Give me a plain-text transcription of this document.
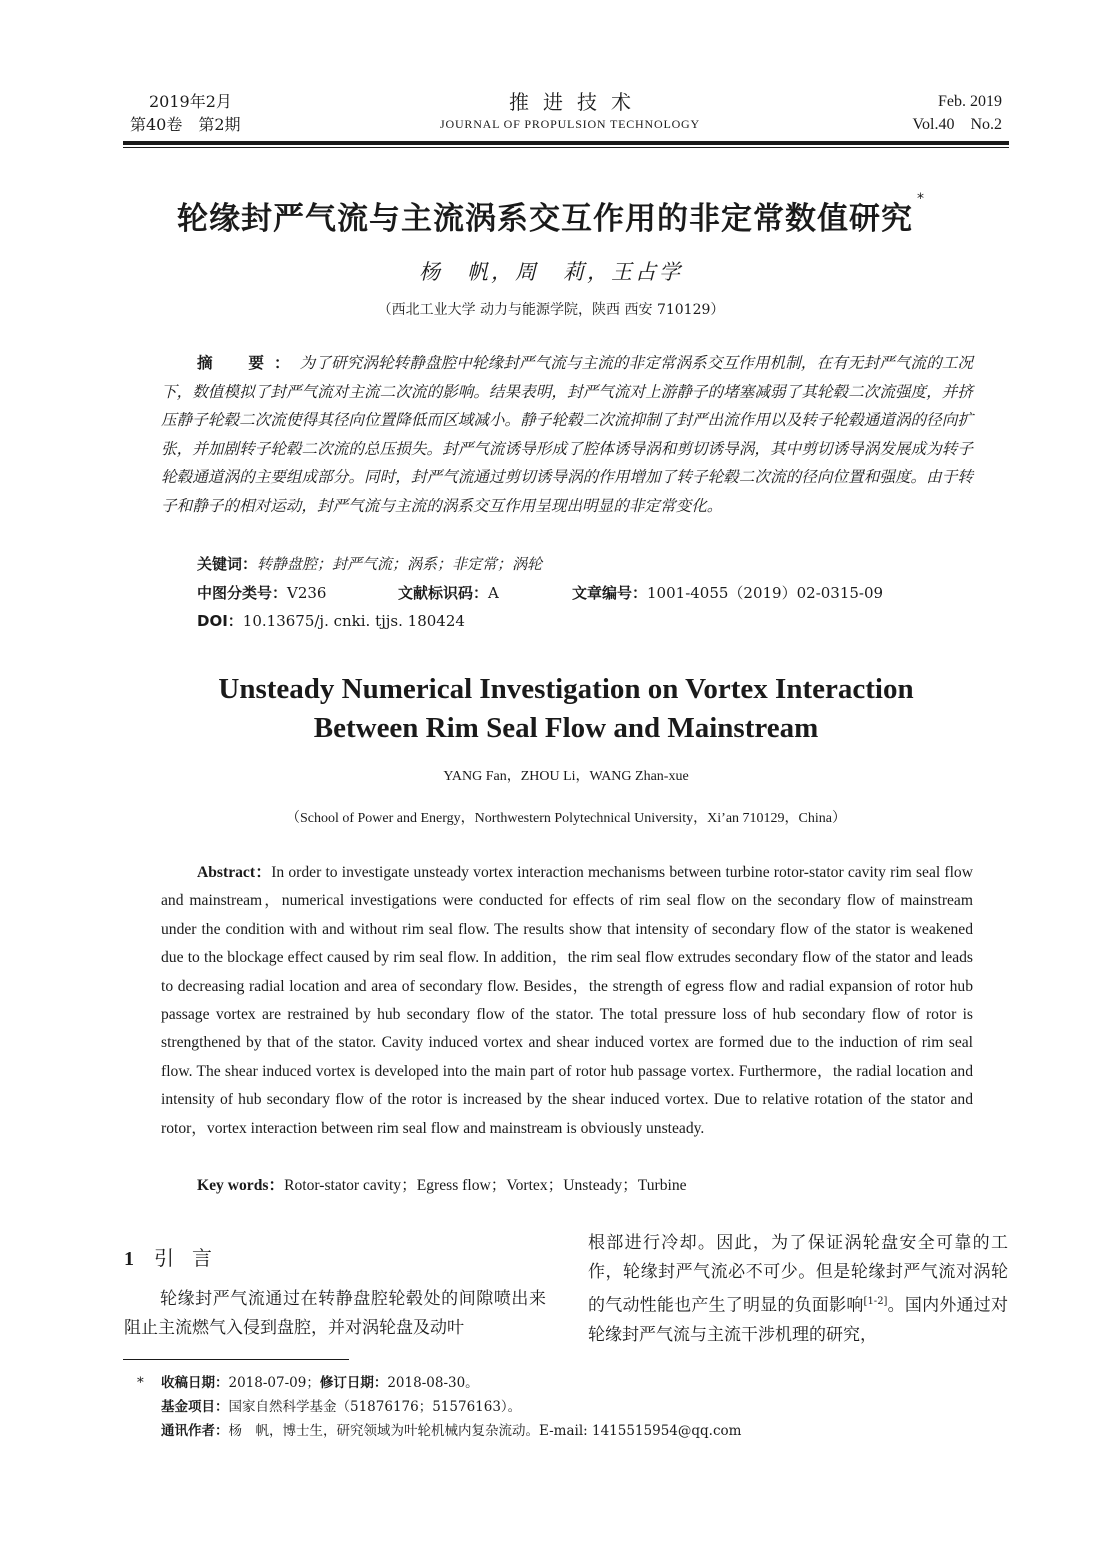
2019年2月
第40卷　第2期
推进技术
JOURNAL OF PROPULSION TECHNOLOGY
Feb. 2019
Vol.40　No.2
轮缘封严气流与主流涡系交互作用的非定常数值研究*
杨　帆，周　莉，王占学
（西北工业大学 动力与能源学院，陕西 西安 710129）
摘　要：为了研究涡轮转静盘腔中轮缘封严气流与主流的非定常涡系交互作用机制，在有无封严气流的工况下，数值模拟了封严气流对主流二次流的影响。结果表明，封严气流对上游静子的堵塞减弱了其轮毂二次流强度，并挤压静子轮毂二次流使得其径向位置降低而区域减小。静子轮毂二次流抑制了封严出流作用以及转子轮毂通道涡的径向扩张，并加剧转子轮毂二次流的总压损失。封严气流诱导形成了腔体诱导涡和剪切诱导涡，其中剪切诱导涡发展成为转子轮毂通道涡的主要组成部分。同时，封严气流通过剪切诱导涡的作用增加了转子轮毂二次流的径向位置和强度。由于转子和静子的相对运动，封严气流与主流的涡系交互作用呈现出明显的非定常变化。
关键词：转静盘腔；封严气流；涡系；非定常；涡轮
中图分类号：V236	文献标识码：A	文章编号：1001-4055（2019）02-0315-09
DOI：10.13675/j. cnki. tjjs. 180424
Unsteady Numerical Investigation on Vortex Interaction
Between Rim Seal Flow and Mainstream
YANG Fan，ZHOU Li，WANG Zhan-xue
（School of Power and Energy，Northwestern Polytechnical University，Xi’an 710129，China）
Abstract：In order to investigate unsteady vortex interaction mechanisms between turbine rotor-stator cavity rim seal flow and mainstream，numerical investigations were conducted for effects of rim seal flow on the secondary flow of mainstream under the condition with and without rim seal flow. The results show that intensity of secondary flow of the stator is weakened due to the blockage effect caused by rim seal flow. In addition，the rim seal flow extrudes secondary flow of the stator and leads to decreasing radial location and area of secondary flow. Besides，the strength of egress flow and radial expansion of rotor hub passage vortex are restrained by hub secondary flow of the stator. The total pressure loss of hub secondary flow of rotor is strengthened by that of the stator. Cavity induced vortex and shear induced vortex are formed due to the induction of rim seal flow. The shear induced vortex is developed into the main part of rotor hub passage vortex. Furthermore，the radial location and intensity of hub secondary flow of the rotor is increased by the shear induced vortex. Due to relative rotation of the stator and rotor，vortex interaction between rim seal flow and mainstream is obviously unsteady.
Key words：Rotor-stator cavity；Egress flow；Vortex；Unsteady；Turbine
1 引言
轮缘封严气流通过在转静盘腔轮毂处的间隙喷出来阻止主流燃气入侵到盘腔，并对涡轮盘及动叶
根部进行冷却。因此，为了保证涡轮盘安全可靠的工作，轮缘封严气流必不可少。但是轮缘封严气流对涡轮的气动性能也产生了明显的负面影响[1-2]。国内外通过对轮缘封严气流与主流干涉机理的研究，
* 收稿日期：2018-07-09；修订日期：2018-08-30。
基金项目：国家自然科学基金（51876176；51576163）。
通讯作者：杨　帆，博士生，研究领域为叶轮机械内复杂流动。E-mail: 1415515954@qq.com
